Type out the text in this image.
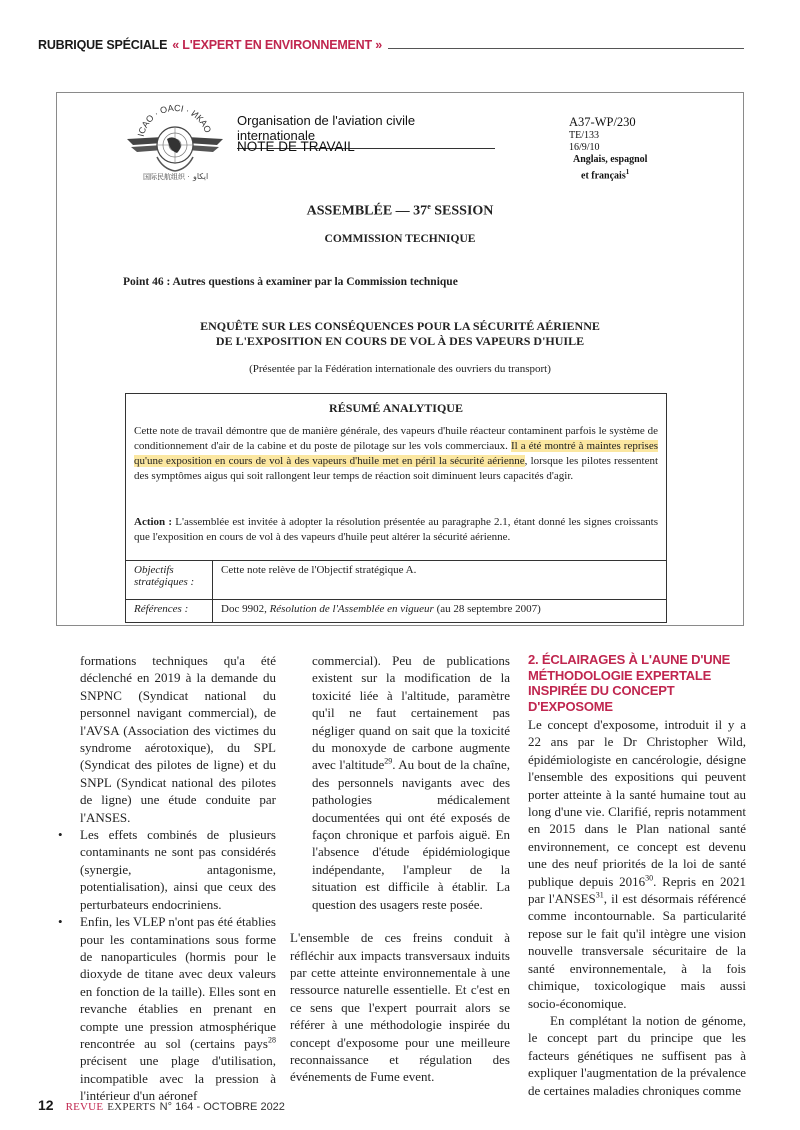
RUBRIQUE SPÉCIALE « L'EXPERT EN ENVIRONNEMENT »
ICAO · OACI · ИКАО
国际民航组织 · ايكاو
Organisation de l'aviation civile internationale
NOTE DE TRAVAIL
A37-WP/230
TE/133
16/9/10
Anglais, espagnol
et français$^1$
ASSEMBLÉE — 37e SESSION
COMMISSION TECHNIQUE
Point 46 : Autres questions à examiner par la Commission technique
ENQUÊTE SUR LES CONSÉQUENCES POUR LA SÉCURITÉ AÉRIENNE
DE L'EXPOSITION EN COURS DE VOL À DES VAPEURS D'HUILE
(Présentée par la Fédération internationale des ouvriers du transport)
RÉSUMÉ ANALYTIQUE
Cette note de travail démontre que de manière générale, des vapeurs d'huile réacteur contaminent parfois le système de conditionnement d'air de la cabine et du poste de pilotage sur les vols commerciaux. Il a été montré à maintes reprises qu'une exposition en cours de vol à des vapeurs d'huile met en péril la sécurité aérienne, lorsque les pilotes ressentent des symptômes aigus qui soit rallongent leur temps de réaction soit diminuent leurs capacités d'agir.
Action : L'assemblée est invitée à adopter la résolution présentée au paragraphe 2.1, étant donné les signes croissants que l'exposition en cours de vol à des vapeurs d'huile peut altérer la sécurité aérienne.
Objectifs stratégiques :	Cette note relève de l'Objectif stratégique A.
Références :	Doc 9902, Résolution de l'Assemblée en vigueur (au 28 septembre 2007)

formations techniques qu'a été déclenché en 2019 à la demande du SNPNC (Syndicat national du personnel navigant commercial), de l'AVSA (Association des victimes du syndrome aérotoxique), du SPL (Syndicat des pilotes de ligne) et du SNPL (Syndicat national des pilotes de ligne) une étude conduite par l'ANSES.

• Les effets combinés de plusieurs contaminants ne sont pas considérés (synergie, antagonisme, potentialisation), ainsi que ceux des perturbateurs endocriniens.

• Enfin, les VLEP n'ont pas été établies pour les contaminations sous forme de nanoparticules (hormis pour le dioxyde de titane avec deux valeurs en fonction de la taille). Elles sont en revanche établies en prenant en compte une pression atmosphérique rencontrée au sol (certains pays$^{28}$ précisent une plage d'utilisation, incompatible avec la pression à l'intérieur d'un aéronef

commercial). Peu de publications existent sur la modification de la toxicité liée à l'altitude, paramètre qu'il ne faut certainement pas négliger quand on sait que la toxicité du monoxyde de carbone augmente avec l'altitude$^{29}$. Au bout de la chaîne, des personnels navigants avec des pathologies médicalement documentées qui ont été exposés de façon chronique et parfois aiguë. En l'absence d'étude épidémiologique indépendante, l'ampleur de la situation est difficile à établir. La question des usagers reste posée.

L'ensemble de ces freins conduit à réfléchir aux impacts transversaux induits par cette atteinte environnementale à une ressource naturelle essentielle. Et c'est en ce sens que l'expert pourrait alors se référer à une méthodologie inspirée du concept d'exposome pour une meilleure reconnaissance et régulation des événements de Fume event.

2. ÉCLAIRAGES À L'AUNE D'UNE MÉTHODOLOGIE EXPERTALE INSPIRÉE DU CONCEPT D'EXPOSOME

Le concept d'exposome, introduit il y a 22 ans par le Dr Christopher Wild, épidémiologiste en cancérologie, désigne l'ensemble des expositions qui peuvent porter atteinte à la santé humaine tout au long d'une vie. Clarifié, repris notamment en 2015 dans le Plan national santé environnement, ce concept est devenu une des neuf priorités de la loi de santé publique depuis 2016$^{30}$. Repris en 2021 par l'ANSES$^{31}$, il est désormais référencé comme incontournable. Sa particularité repose sur le fait qu'il intègre une vision nouvelle transversale sécuritaire de la santé environnementale, à la fois chimique, toxicologique mais aussi socio-économique.

En complétant la notion de génome, le concept part du principe que les facteurs génétiques ne suffisent pas à expliquer l'augmentation de la prévalence de certaines maladies chroniques comme

12 REVUE EXPERTS N° 164 - OCTOBRE 2022
